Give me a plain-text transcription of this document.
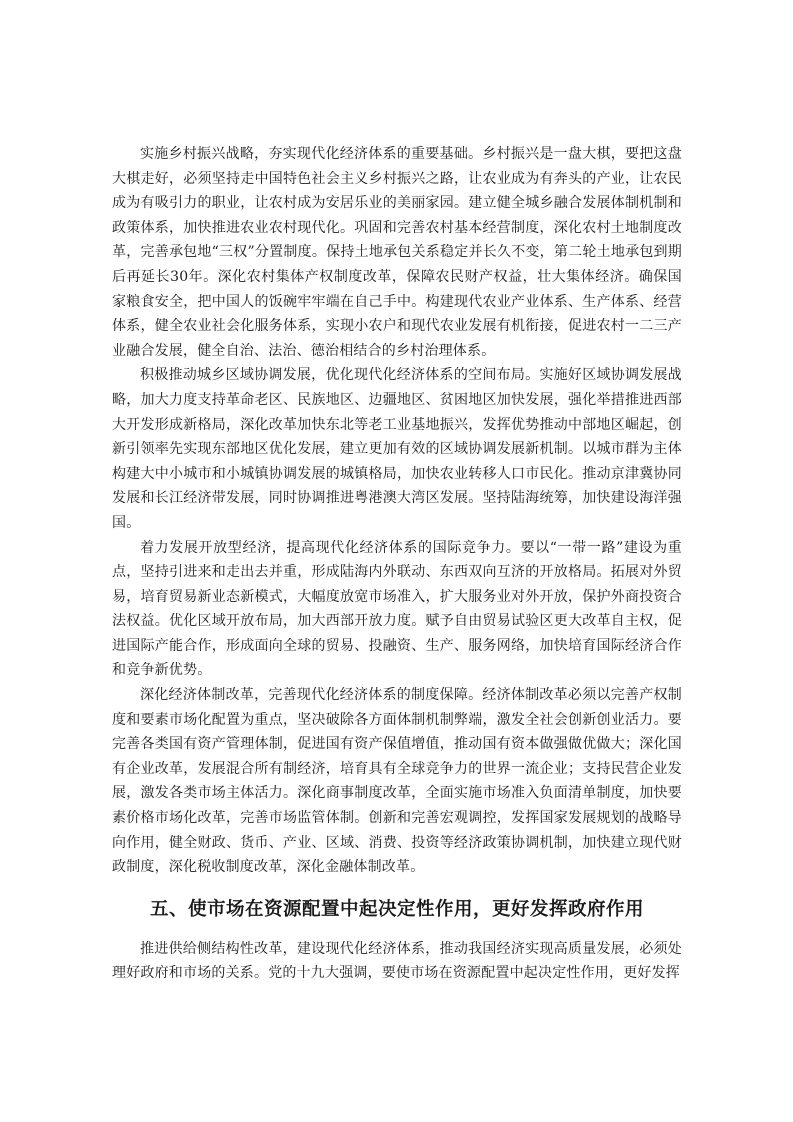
实施乡村振兴战略，夯实现代化经济体系的重要基础。乡村振兴是一盘大棋，要把这盘大棋走好，必须坚持走中国特色社会主义乡村振兴之路，让农业成为有奔头的产业，让农民成为有吸引力的职业，让农村成为安居乐业的美丽家园。建立健全城乡融合发展体制机制和政策体系，加快推进农业农村现代化。巩固和完善农村基本经营制度，深化农村土地制度改革，完善承包地“三权”分置制度。保持土地承包关系稳定并长久不变，第二轮土地承包到期后再延长30年。深化农村集体产权制度改革，保障农民财产权益，壮大集体经济。确保国家粮食安全，把中国人的饭碗牢牢端在自己手中。构建现代农业产业体系、生产体系、经营体系，健全农业社会化服务体系，实现小农户和现代农业发展有机衔接，促进农村一二三产业融合发展，健全自治、法治、德治相结合的乡村治理体系。

积极推动城乡区域协调发展，优化现代化经济体系的空间布局。实施好区域协调发展战略，加大力度支持革命老区、民族地区、边疆地区、贫困地区加快发展，强化举措推进西部大开发形成新格局，深化改革加快东北等老工业基地振兴，发挥优势推动中部地区崛起，创新引领率先实现东部地区优化发展，建立更加有效的区域协调发展新机制。以城市群为主体构建大中小城市和小城镇协调发展的城镇格局，加快农业转移人口市民化。推动京津冀协同发展和长江经济带发展，同时协调推进粤港澳大湾区发展。坚持陆海统筹，加快建设海洋强国。

着力发展开放型经济，提高现代化经济体系的国际竞争力。要以“一带一路”建设为重点，坚持引进来和走出去并重，形成陆海内外联动、东西双向互济的开放格局。拓展对外贸易，培育贸易新业态新模式，大幅度放宽市场准入，扩大服务业对外开放，保护外商投资合法权益。优化区域开放布局，加大西部开放力度。赋予自由贸易试验区更大改革自主权，促进国际产能合作，形成面向全球的贸易、投融资、生产、服务网络，加快培育国际经济合作和竞争新优势。

深化经济体制改革，完善现代化经济体系的制度保障。经济体制改革必须以完善产权制度和要素市场化配置为重点，坚决破除各方面体制机制弊端，激发全社会创新创业活力。要完善各类国有资产管理体制，促进国有资产保值增值，推动国有资本做强做优做大；深化国有企业改革，发展混合所有制经济，培育具有全球竞争力的世界一流企业；支持民营企业发展，激发各类市场主体活力。深化商事制度改革，全面实施市场准入负面清单制度，加快要素价格市场化改革，完善市场监管体制。创新和完善宏观调控，发挥国家发展规划的战略导向作用，健全财政、货币、产业、区域、消费、投资等经济政策协调机制，加快建立现代财政制度，深化税收制度改革，深化金融体制改革。

五、使市场在资源配置中起决定性作用，更好发挥政府作用

推进供给侧结构性改革，建设现代化经济体系，推动我国经济实现高质量发展，必须处理好政府和市场的关系。党的十九大强调，要使市场在资源配置中起决定性作用，更好发挥
